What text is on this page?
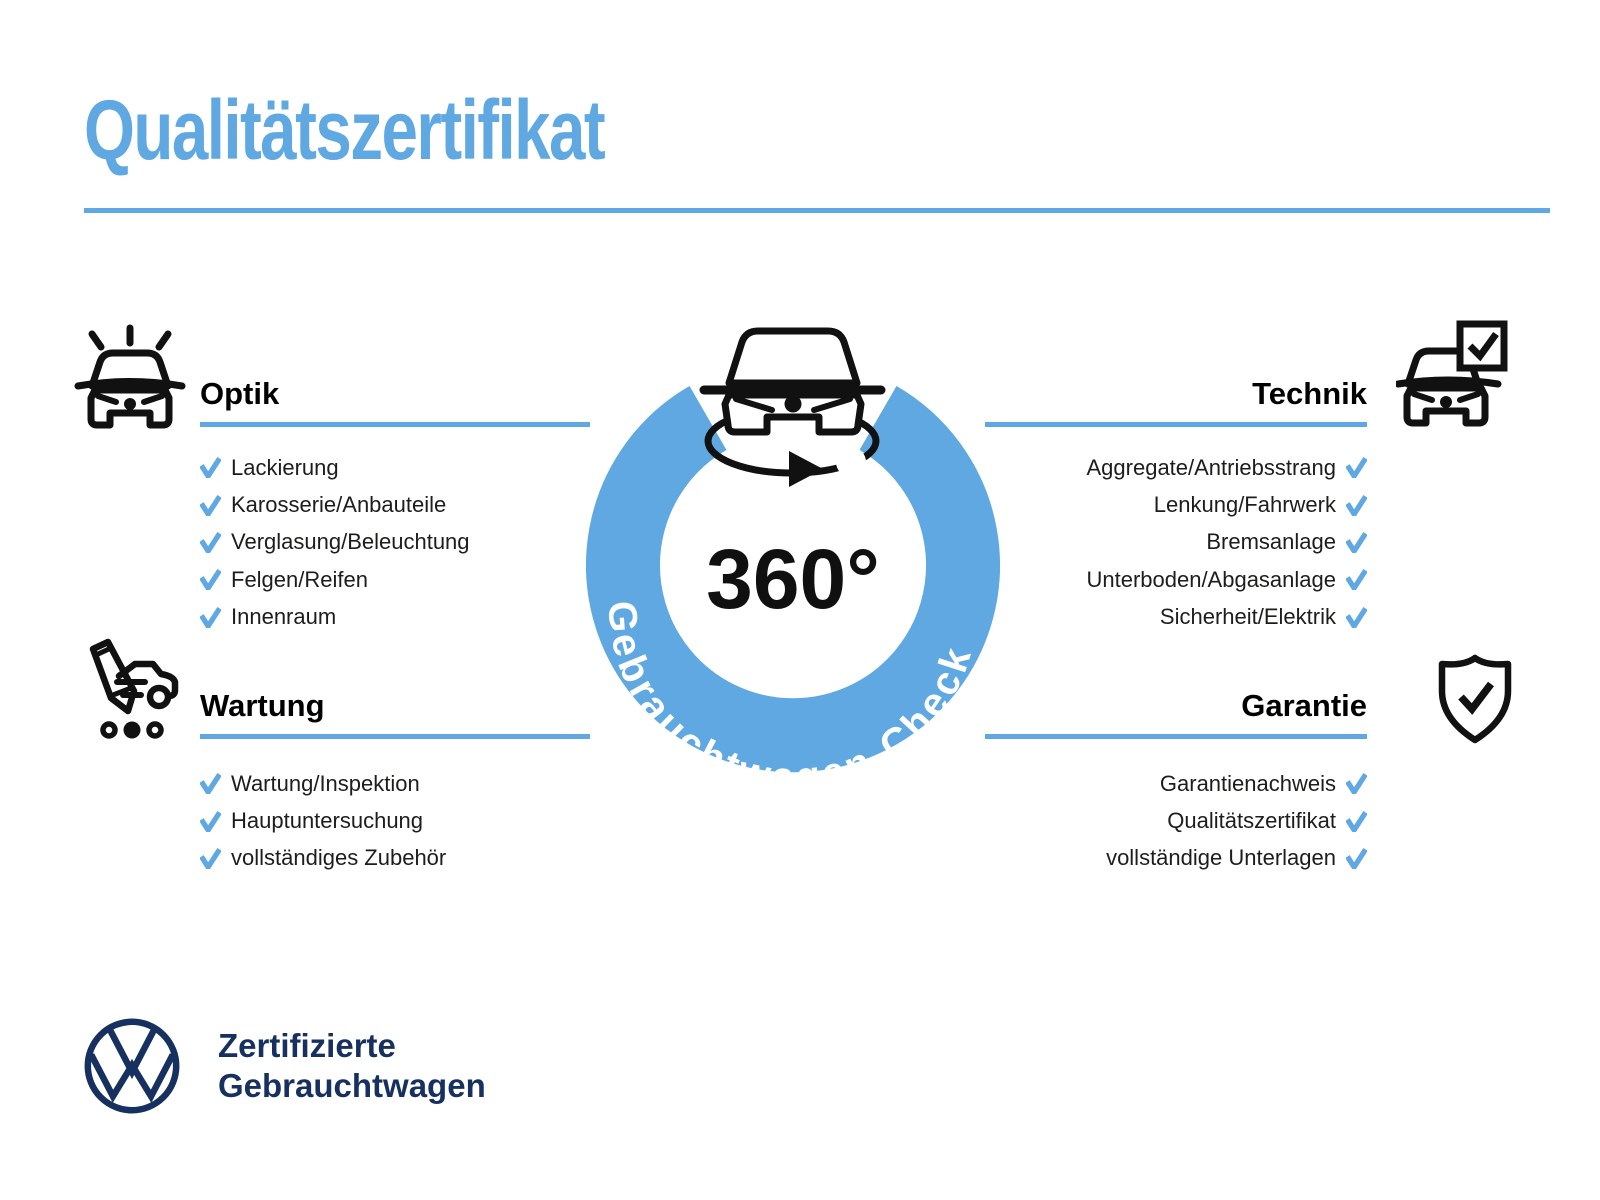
Qualitätszertifikat
Optik
Lackierung
Karosserie/Anbauteile
Verglasung/Beleuchtung
Felgen/Reifen
Innenraum
Wartung
Wartung/Inspektion
Hauptuntersuchung
vollständiges Zubehör
Technik
Aggregate/Antriebsstrang
Lenkung/Fahrwerk
Bremsanlage
Unterboden/Abgasanlage
Sicherheit/Elektrik
Garantie
Garantienachweis
Qualitätszertifikat
vollständige Unterlagen
Gebrauchtwagen-Check
360°
Zertifizierte
Gebrauchtwagen
